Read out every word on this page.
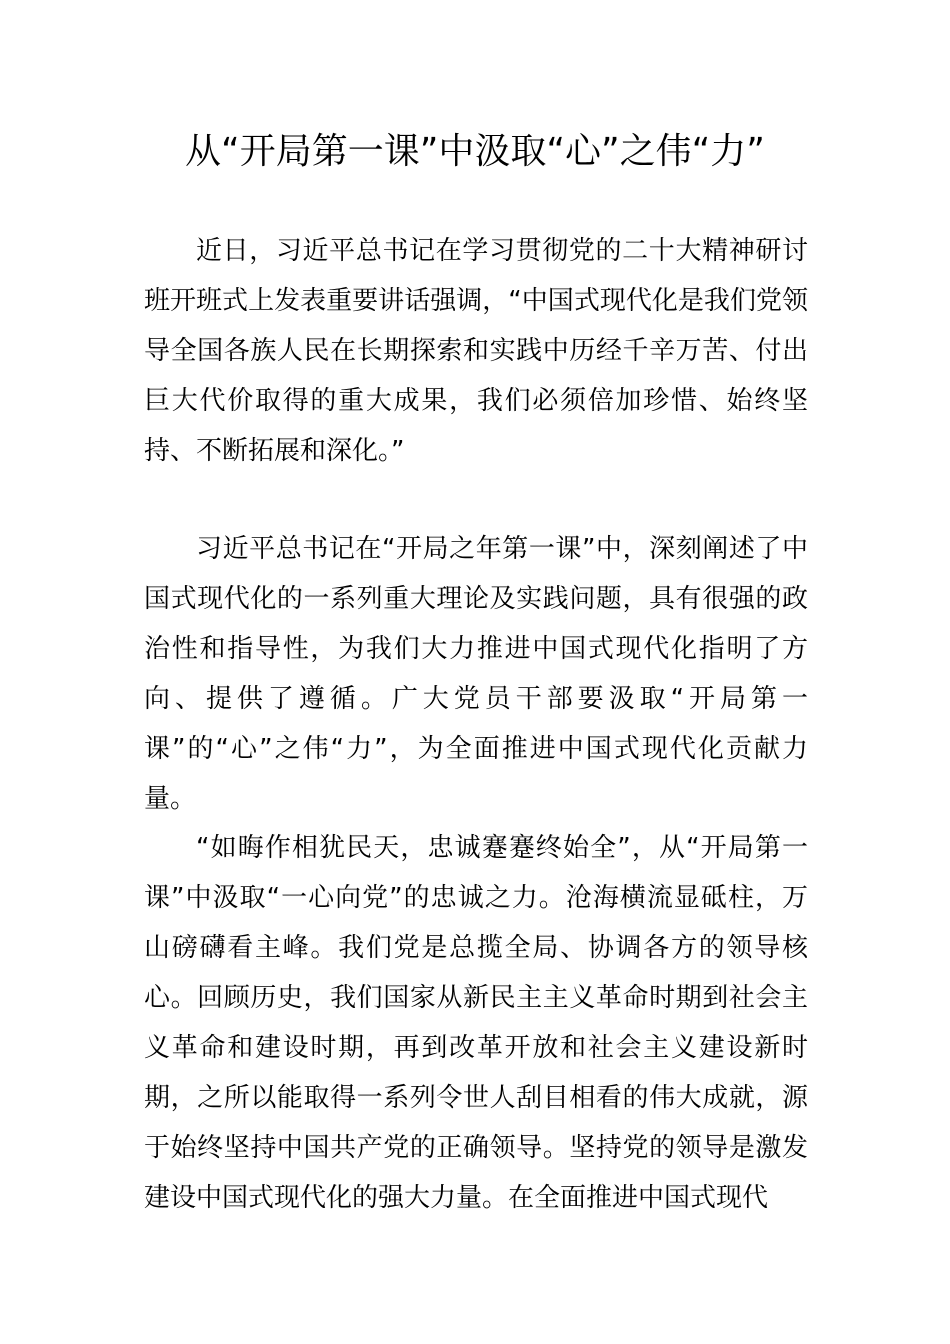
从“开局第一课”中汲取“心”之伟“力”

近日，习近平总书记在学习贯彻党的二十大精神研讨班开班式上发表重要讲话强调，“中国式现代化是我们党领导全国各族人民在长期探索和实践中历经千辛万苦、付出巨大代价取得的重大成果，我们必须倍加珍惜、始终坚持、不断拓展和深化。”

习近平总书记在“开局之年第一课”中，深刻阐述了中国式现代化的一系列重大理论及实践问题，具有很强的政治性和指导性，为我们大力推进中国式现代化指明了方向、提供了遵循。广大党员干部要汲取“开局第一课”的“心”之伟“力”，为全面推进中国式现代化贡献力量。

“如晦作相犹民天，忠诚蹇蹇终始全”，从“开局第一课”中汲取“一心向党”的忠诚之力。沧海横流显砥柱，万山磅礴看主峰。我们党是总揽全局、协调各方的领导核心。回顾历史，我们国家从新民主主义革命时期到社会主义革命和建设时期，再到改革开放和社会主义建设新时期，之所以能取得一系列令世人刮目相看的伟大成就，源于始终坚持中国共产党的正确领导。坚持党的领导是激发建设中国式现代化的强大力量。在全面推进中国式现代
